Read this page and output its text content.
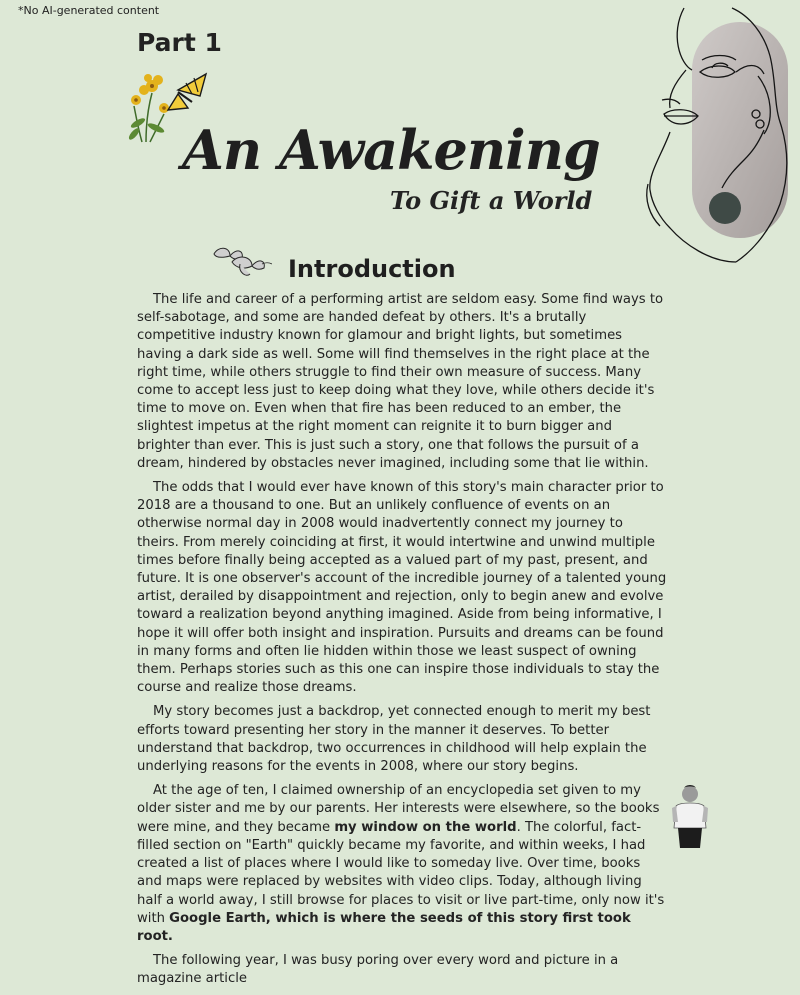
*No AI-generated content
Part 1
An Awakening
To Gift a World
Introduction

The life and career of a performing artist are seldom easy. Some find ways to self-sabotage, and some are handed defeat by others. It's a brutally competitive industry known for glamour and bright lights, but sometimes having a dark side as well. Some will find themselves in the right place at the right time, while others struggle to find their own measure of success. Many come to accept less just to keep doing what they love, while others decide it's time to move on. Even when that fire has been reduced to an ember, the slightest impetus at the right moment can reignite it to burn bigger and brighter than ever. This is just such a story, one that follows the pursuit of a dream, hindered by obstacles never imagined, including some that lie within.

The odds that I would ever have known of this story's main character prior to 2018 are a thousand to one. But an unlikely confluence of events on an otherwise normal day in 2008 would inadvertently connect my journey to theirs. From merely coinciding at first, it would intertwine and unwind multiple times before finally being accepted as a valued part of my past, present, and future. It is one observer's account of the incredible journey of a talented young artist, derailed by disappointment and rejection, only to begin anew and evolve toward a realization beyond anything imagined. Aside from being informative, I hope it will offer both insight and inspiration. Pursuits and dreams can be found in many forms and often lie hidden within those we least suspect of owning them. Perhaps stories such as this one can inspire those individuals to stay the course and realize those dreams.

My story becomes just a backdrop, yet connected enough to merit my best efforts toward presenting her story in the manner it deserves. To better understand that backdrop, two occurrences in childhood will help explain the underlying reasons for the events in 2008, where our story begins.

At the age of ten, I claimed ownership of an encyclopedia set given to my older sister and me by our parents. Her interests were elsewhere, so the books were mine, and they became my window on the world. The colorful, fact-filled section on "Earth" quickly became my favorite, and within weeks, I had created a list of places where I would like to someday live. Over time, books and maps were replaced by websites with video clips. Today, although living half a world away, I still browse for places to visit or live part-time, only now it's with Google Earth, which is where the seeds of this story first took root.

The following year, I was busy poring over every word and picture in a magazine article
